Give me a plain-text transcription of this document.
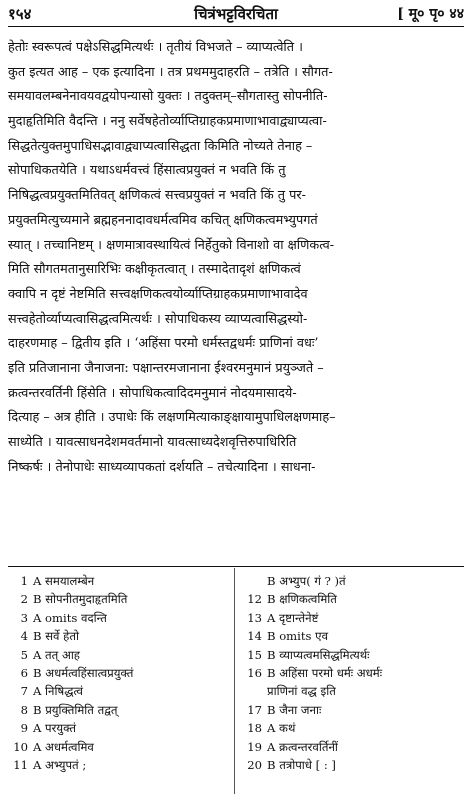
१५४	चित्रंभट्टविरचिता	[ मू० पृ० ४४
हेतोः स्वरूपत्वं पक्षेऽसिद्धमित्यर्थः । तृतीयं विभजते – व्याप्यत्वेति ।
कुत इत्यत आह – एक इत्यादिना । तत्र प्रथममुदाहरति – तत्रेति । सौगत-
समयावलम्बनेनावयवद्वयोपन्यासो युक्तः । तदुक्तम्–सौगतास्तु सोपनीति-
मुदाहृतिमिति वैदन्ति । ननु सर्वेषहेतोर्व्याप्तिग्राहकप्रमाणाभावाद्व्याप्यत्वा-
सिद्धतेत्युक्तमुपाधिसद्भावाद्व्याप्यत्वासिद्धता किमिति नोच्यते तेनाह –
सोपाधिकतयेति । यथाऽधर्मवत्त्वं हिंसात्वप्रयुक्तं न भवति किं तु
निषिद्धत्वप्रयुक्तमितिवत् क्षणिकत्वं सत्त्वप्रयुक्तं न भवति किं तु पर-
प्रयुक्तमित्युच्यमाने ब्रह्महननादावधर्मत्वमिव कचित् क्षणिकत्वमभ्युपगतं
स्यात् । तच्चानिष्टम् । क्षणमात्रावस्थायित्वं निर्हेतुको विनाशो वा क्षणिकत्व-
मिति सौगतमतानुसारिभिः कक्षीकृतत्वात् । तस्मादेतादृशं क्षणिकत्वं
क्वापि न दृष्टं नेष्टमिति सत्त्वक्षणिकत्वयोर्व्याप्तिग्राहकप्रमाणाभावादेव
सत्त्वहेतोर्व्याप्यत्वासिद्धत्वमित्यर्थः । सोपाधिकस्य व्याप्यत्वासिद्धस्यो-
दाहरणमाह – द्वितीय इति । ‘अहिंसा परमो धर्मस्तद्वधर्मः प्राणिनां वधः’
इति प्रतिजानाना जैनाजना: पक्षान्तरमजानाना ईश्वरमनुमानं प्रयुञ्जते –
क्रत्वन्तरवर्तिनी हिंसेति । सोपाधिकत्वादिदमनुमानं नोदयमासादये-
दित्याह – अत्र हीति । उपाधेः किं लक्षणमित्याकाङ्क्षायामुपाधिलक्षणमाह–
साध्येति । यावत्साधनदेशमवर्तमानो यावत्साध्यदेशवृत्तिरुपाधिरिति
निष्कर्षः । तेनोपाधेः साध्यव्यापकतां दर्शयति – तचेत्यादिना । साधना-
1 A समयालम्बेन
2 B सोपनीतमुदाहृतमिति
3 A omits वदन्ति
4 B सर्वे हेतो
5 A तत् आह
6 B अधर्मत्वहिंसात्वप्रयुक्तं
7 A निषिद्धत्वं
8 B प्रयुक्तिमिति तद्वत्
9 A परयुक्तं
10 A अधर्मत्वमिव
11 A अभ्युपतं ;
B अभ्युप( गं ? )तं
12 B क्षणिकत्वमिति
13 A दृष्टान्तेनेष्टं
14 B omits एव
15 B व्याप्यत्वमसिद्धमित्यर्थः
16 B अहिंसा परमो धर्मः अधर्मः
प्राणिनां वद्ध इति
17 B जैना जनाः
18 A कथं
19 A क्रत्वन्तरवर्तिनीं
20 B तत्रोपाधे [ : ]
